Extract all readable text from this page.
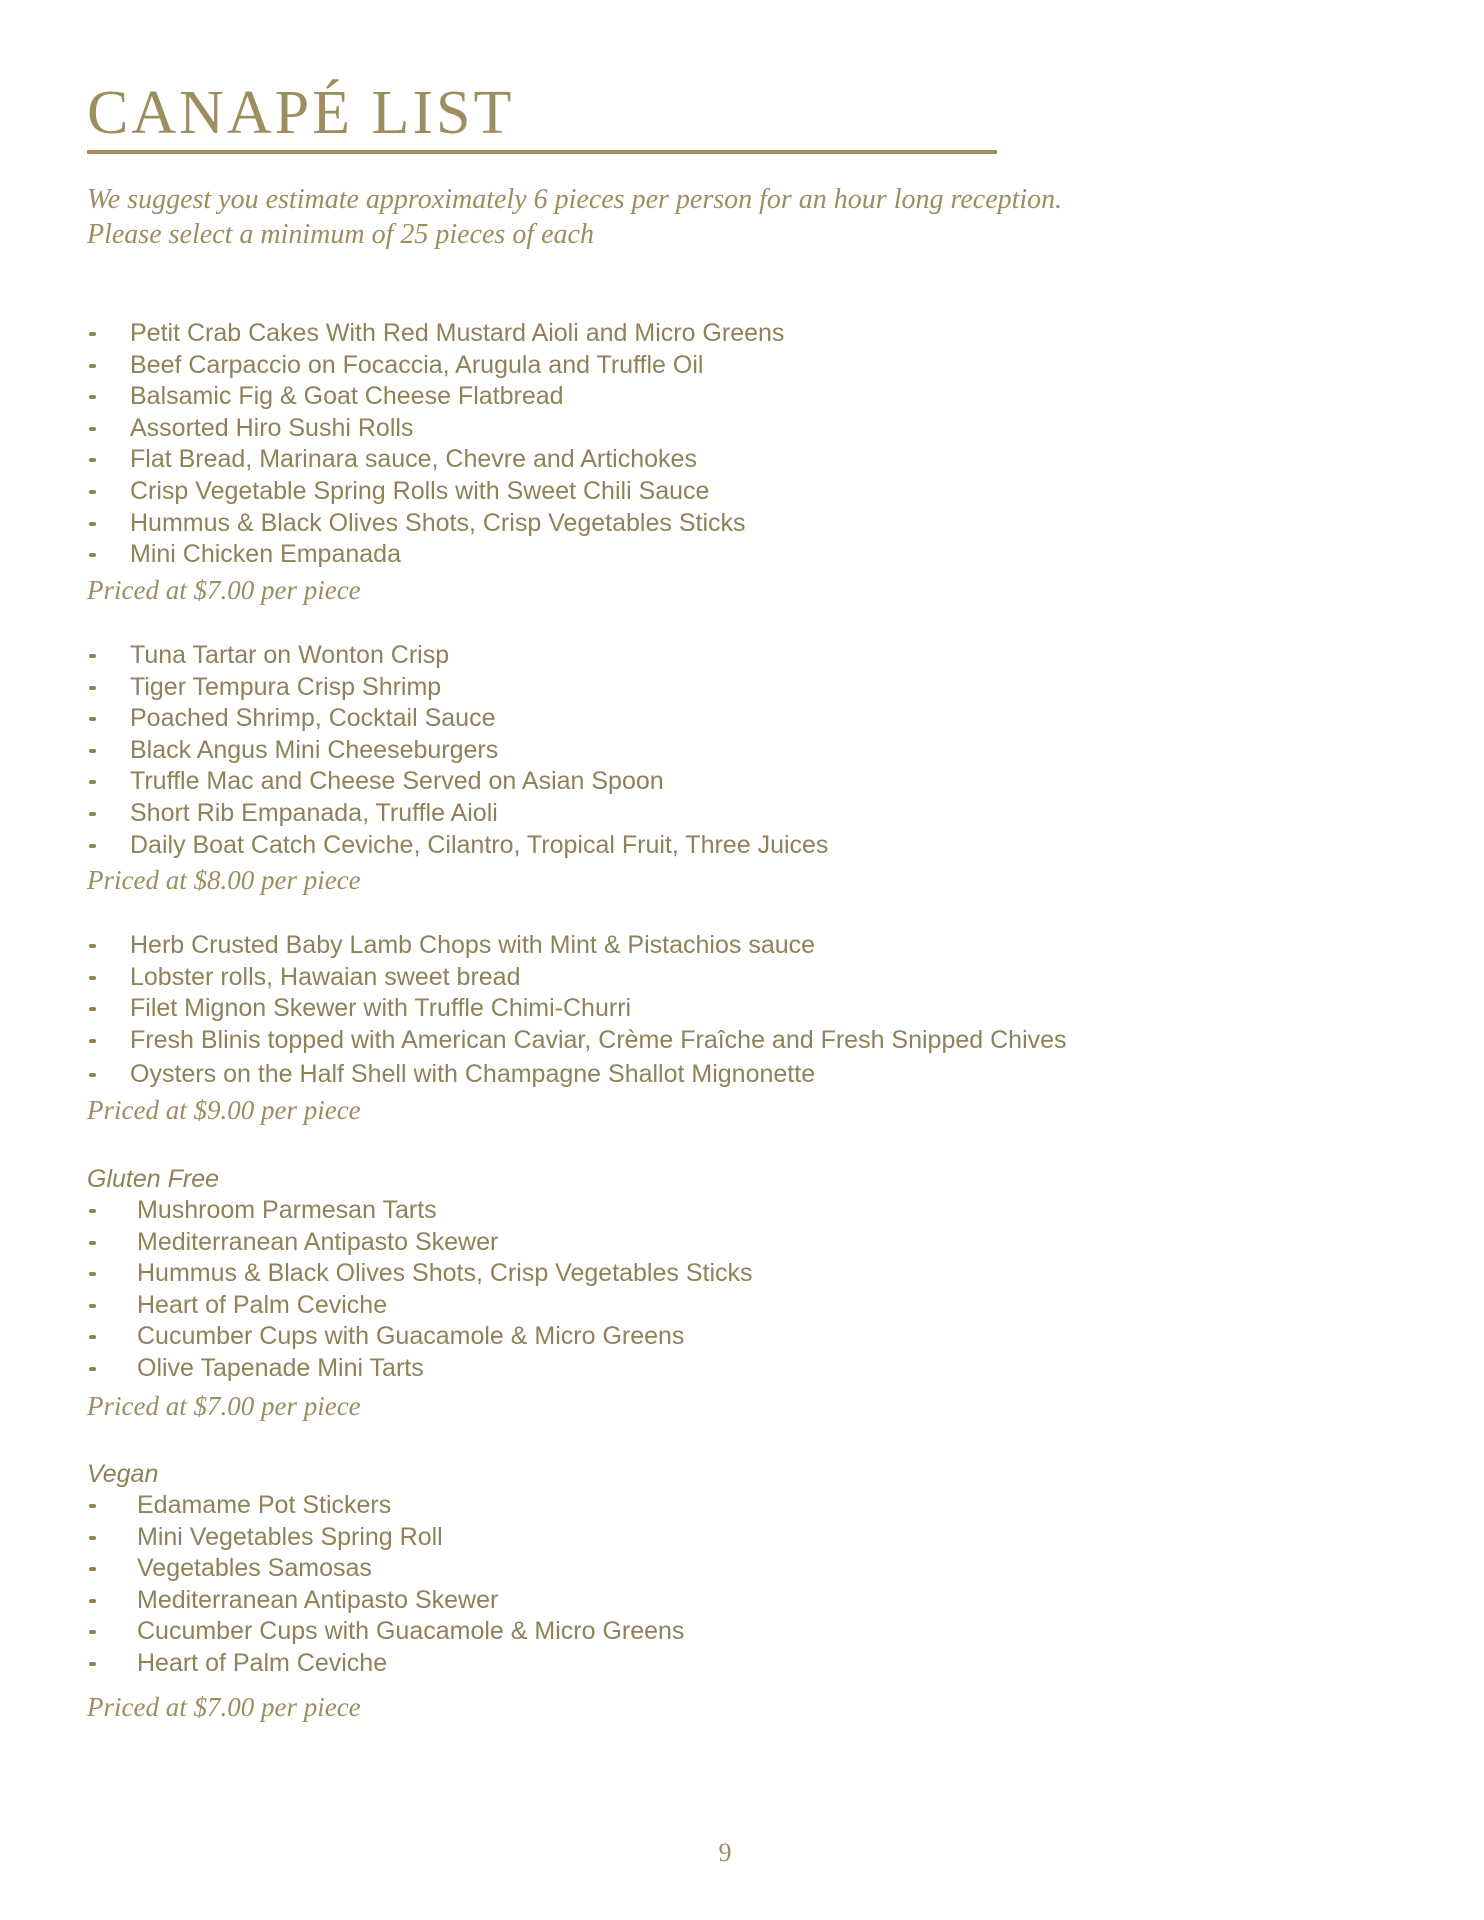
CANAPÉ LIST

We suggest you estimate approximately 6 pieces per person for an hour long reception.

Please select a minimum of 25 pieces of each

Petit Crab Cakes With Red Mustard Aioli and Micro Greens
Beef Carpaccio on Focaccia, Arugula and Truffle Oil
Balsamic Fig & Goat Cheese Flatbread
Assorted Hiro Sushi Rolls
Flat Bread, Marinara sauce, Chevre and Artichokes
Crisp Vegetable Spring Rolls with Sweet Chili Sauce
Hummus & Black Olives Shots, Crisp Vegetables Sticks
Mini Chicken Empanada

Priced at $7.00 per piece

Tuna Tartar on Wonton Crisp
Tiger Tempura Crisp Shrimp
Poached Shrimp, Cocktail Sauce
Black Angus Mini Cheeseburgers
Truffle Mac and Cheese Served on Asian Spoon
Short Rib Empanada, Truffle Aioli
Daily Boat Catch Ceviche, Cilantro, Tropical Fruit, Three Juices

Priced at $8.00 per piece

Herb Crusted Baby Lamb Chops with Mint & Pistachios sauce
Lobster rolls, Hawaian sweet bread
Filet Mignon Skewer with Truffle Chimi-Churri
Fresh Blinis topped with American Caviar, Crème Fraîche and Fresh Snipped Chives
Oysters on the Half Shell with Champagne Shallot Mignonette

Priced at $9.00 per piece

Gluten Free

Mushroom Parmesan Tarts
Mediterranean Antipasto Skewer
Hummus & Black Olives Shots, Crisp Vegetables Sticks
Heart of Palm Ceviche
Cucumber Cups with Guacamole & Micro Greens
Olive Tapenade Mini Tarts

Priced at $7.00 per piece

Vegan

Edamame Pot Stickers
Mini Vegetables Spring Roll
Vegetables Samosas
Mediterranean Antipasto Skewer
Cucumber Cups with Guacamole & Micro Greens
Heart of Palm Ceviche

Priced at $7.00 per piece

9
